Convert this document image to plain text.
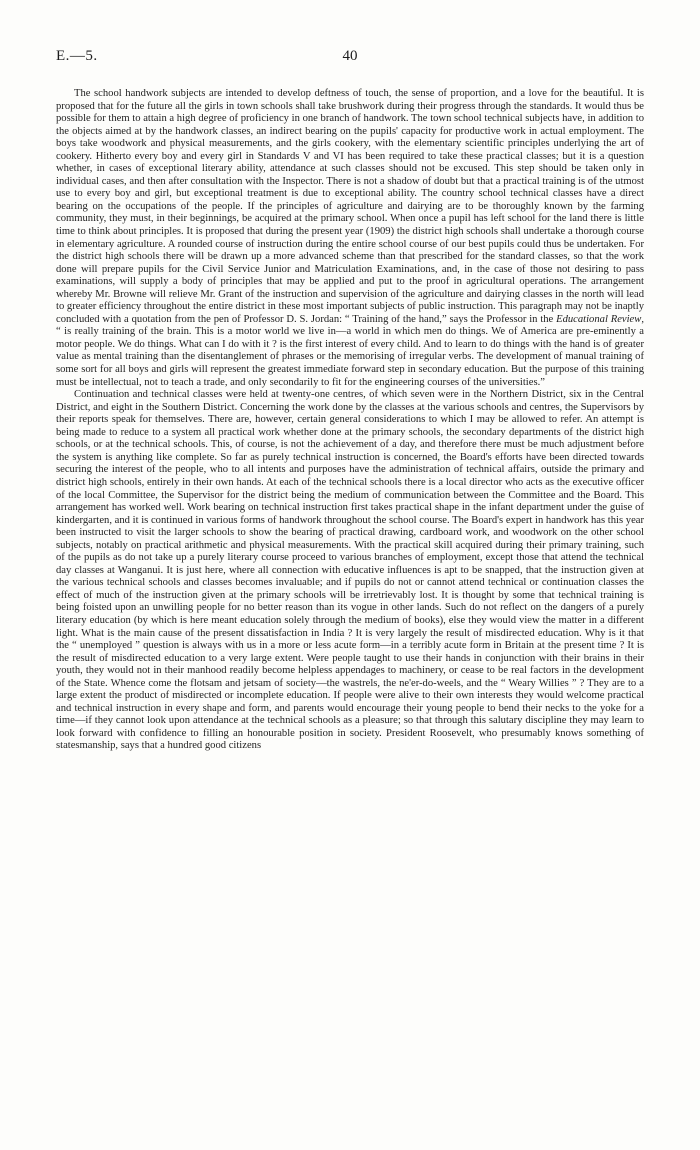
E.—5.	40

The school handwork subjects are intended to develop deftness of touch, the sense of proportion, and a love for the beautiful. It is proposed that for the future all the girls in town schools shall take brushwork during their progress through the standards. It would thus be possible for them to attain a high degree of proficiency in one branch of handwork. The town school technical subjects have, in addition to the objects aimed at by the handwork classes, an indirect bearing on the pupils' capacity for productive work in actual employment. The boys take woodwork and physical measurements, and the girls cookery, with the elementary scientific principles underlying the art of cookery. Hitherto every boy and every girl in Standards V and VI has been required to take these practical classes; but it is a question whether, in cases of exceptional literary ability, attendance at such classes should not be excused. This step should be taken only in individual cases, and then after consultation with the Inspector. There is not a shadow of doubt but that a practical training is of the utmost use to every boy and girl, but exceptional treatment is due to exceptional ability. The country school technical classes have a direct bearing on the occupations of the people. If the principles of agriculture and dairying are to be thoroughly known by the farming community, they must, in their beginnings, be acquired at the primary school. When once a pupil has left school for the land there is little time to think about principles. It is proposed that during the present year (1909) the district high schools shall undertake a thorough course in elementary agriculture. A rounded course of instruction during the entire school course of our best pupils could thus be undertaken. For the district high schools there will be drawn up a more advanced scheme than that prescribed for the standard classes, so that the work done will prepare pupils for the Civil Service Junior and Matriculation Examinations, and, in the case of those not desiring to pass examinations, will supply a body of principles that may be applied and put to the proof in agricultural operations. The arrangement whereby Mr. Browne will relieve Mr. Grant of the instruction and supervision of the agriculture and dairying classes in the north will lead to greater efficiency throughout the entire district in these most important subjects of public instruction. This paragraph may not be inaptly concluded with a quotation from the pen of Professor D. S. Jordan: “ Training of the hand,” says the Professor in the Educational Review, “ is really training of the brain. This is a motor world we live in—a world in which men do things. We of America are pre-eminently a motor people. We do things. What can I do with it ? is the first interest of every child. And to learn to do things with the hand is of greater value as mental training than the disentanglement of phrases or the memorising of irregular verbs. The development of manual training of some sort for all boys and girls will represent the greatest immediate forward step in secondary education. But the purpose of this training must be intellectual, not to teach a trade, and only secondarily to fit for the engineering courses of the universities.”

Continuation and technical classes were held at twenty-one centres, of which seven were in the Northern District, six in the Central District, and eight in the Southern District. Concerning the work done by the classes at the various schools and centres, the Supervisors by their reports speak for themselves. There are, however, certain general considerations to which I may be allowed to refer. An attempt is being made to reduce to a system all practical work whether done at the primary schools, the secondary departments of the district high schools, or at the technical schools. This, of course, is not the achievement of a day, and therefore there must be much adjustment before the system is anything like complete. So far as purely technical instruction is concerned, the Board's efforts have been directed towards securing the interest of the people, who to all intents and purposes have the administration of technical affairs, outside the primary and district high schools, entirely in their own hands. At each of the technical schools there is a local director who acts as the executive officer of the local Committee, the Supervisor for the district being the medium of communication between the Committee and the Board. This arrangement has worked well. Work bearing on technical instruction first takes practical shape in the infant department under the guise of kindergarten, and it is continued in various forms of handwork throughout the school course. The Board's expert in handwork has this year been instructed to visit the larger schools to show the bearing of practical drawing, cardboard work, and woodwork on the other school subjects, notably on practical arithmetic and physical measurements. With the practical skill acquired during their primary training, such of the pupils as do not take up a purely literary course proceed to various branches of employment, except those that attend the technical day classes at Wanganui. It is just here, where all connection with educative influences is apt to be snapped, that the instruction given at the various technical schools and classes becomes invaluable; and if pupils do not or cannot attend technical or continuation classes the effect of much of the instruction given at the primary schools will be irretrievably lost. It is thought by some that technical training is being foisted upon an unwilling people for no better reason than its vogue in other lands. Such do not reflect on the dangers of a purely literary education (by which is here meant education solely through the medium of books), else they would view the matter in a different light. What is the main cause of the present dissatisfaction in India ? It is very largely the result of misdirected education. Why is it that the “ unemployed ” question is always with us in a more or less acute form—in a terribly acute form in Britain at the present time ? It is the result of misdirected education to a very large extent. Were people taught to use their hands in conjunction with their brains in their youth, they would not in their manhood readily become helpless appendages to machinery, or cease to be real factors in the development of the State. Whence come the flotsam and jetsam of society—the wastrels, the ne'er-do-weels, and the “ Weary Willies ” ? They are to a large extent the product of misdirected or incomplete education. If people were alive to their own interests they would welcome practical and technical instruction in every shape and form, and parents would encourage their young people to bend their necks to the yoke for a time—if they cannot look upon attendance at the technical schools as a pleasure; so that through this salutary discipline they may learn to look forward with confidence to filling an honourable position in society. President Roosevelt, who presumably knows something of statesmanship, says that a hundred good citizens
